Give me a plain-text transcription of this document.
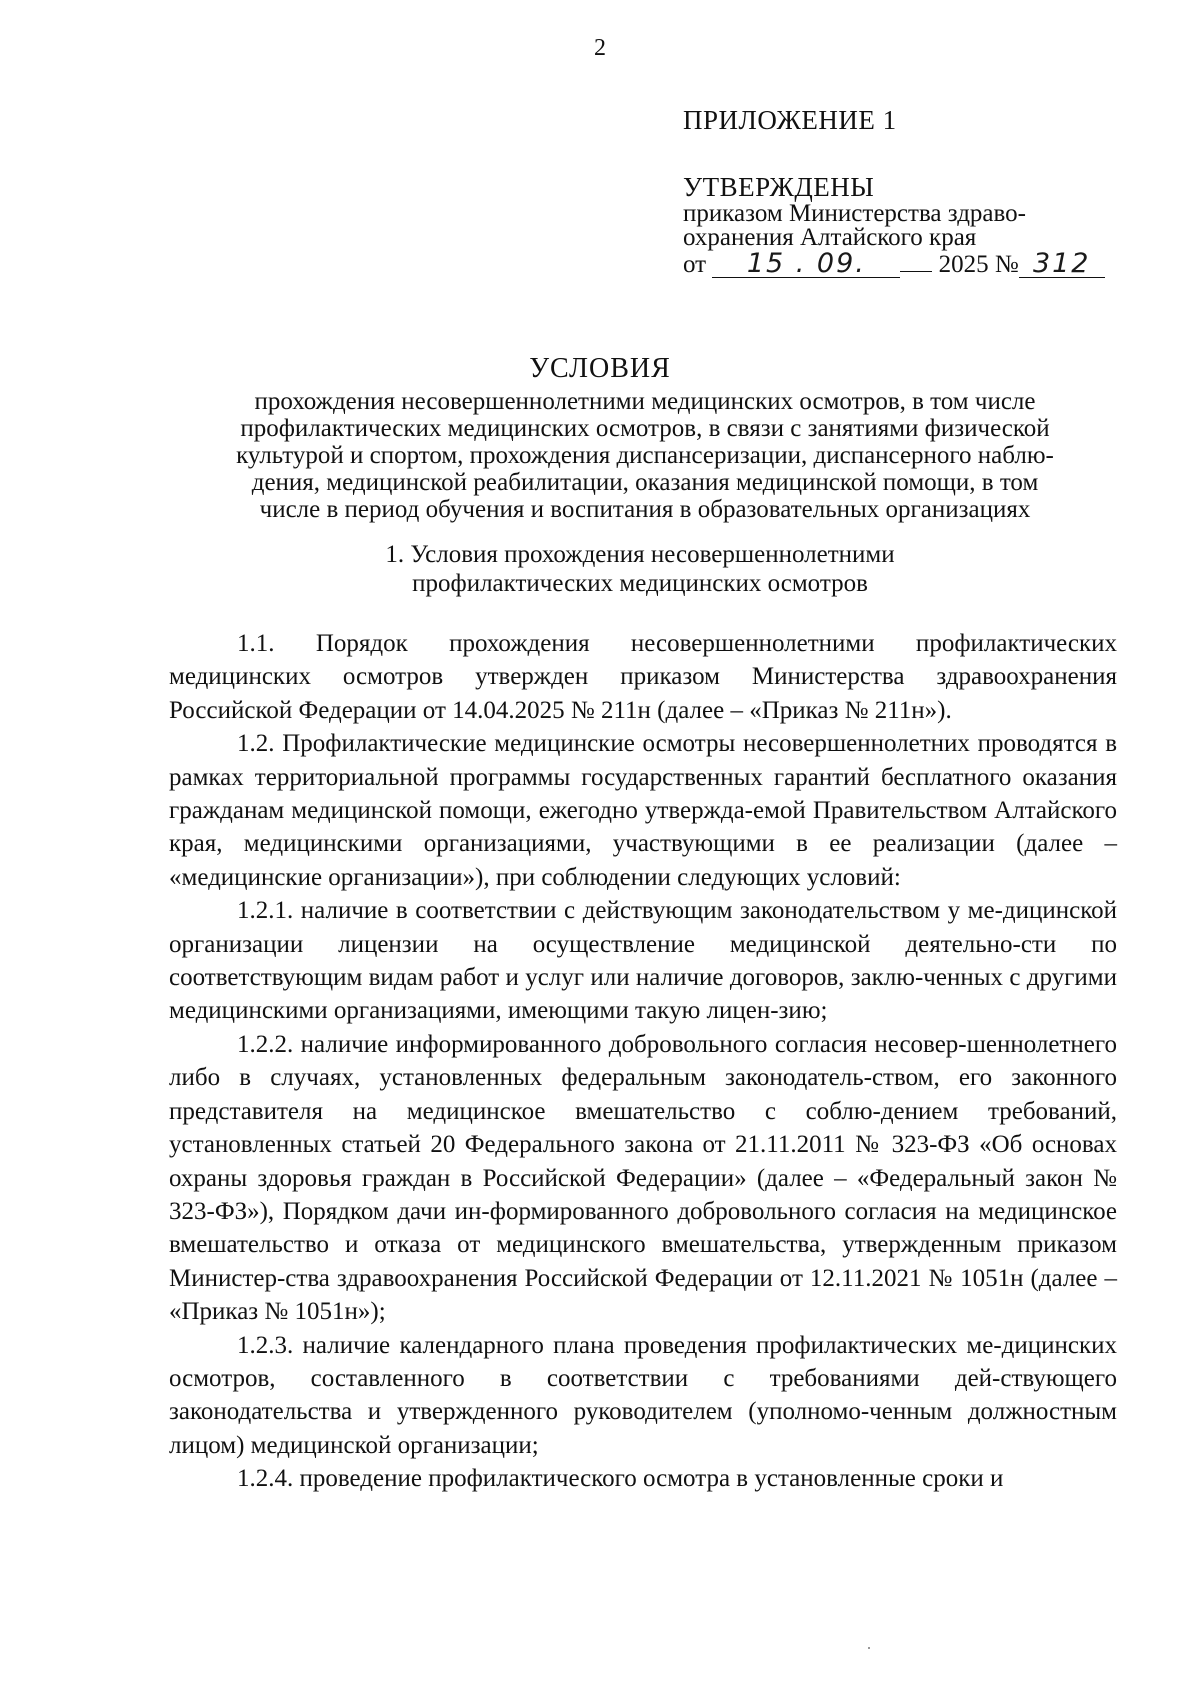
2
ПРИЛОЖЕНИЕ 1
УТВЕРЖДЕНЫ
приказом Министерства здраво-
охранения Алтайского края
от 15 . 09.	2025 № 312
УСЛОВИЯ
прохождения несовершеннолетними медицинских осмотров, в том числе
профилактических медицинских осмотров, в связи с занятиями физической
культурой и спортом, прохождения диспансеризации, диспансерного наблю-
дения, медицинской реабилитации, оказания медицинской помощи, в том
числе в период обучения и воспитания в образовательных организациях
1. Условия прохождения несовершеннолетними
профилактических медицинских осмотров

1.1. Порядок прохождения несовершеннолетними профилактических медицинских осмотров утвержден приказом Министерства здравоохранения Российской Федерации от 14.04.2025 № 211н (далее – «Приказ № 211н»).

1.2. Профилактические медицинские осмотры несовершеннолетних проводятся в рамках территориальной программы государственных гарантий бесплатного оказания гражданам медицинской помощи, ежегодно утвержда-емой Правительством Алтайского края, медицинскими организациями, участвующими в ее реализации (далее – «медицинские организации»), при соблюдении следующих условий:

1.2.1. наличие в соответствии с действующим законодательством у ме-дицинской организации лицензии на осуществление медицинской деятельно-сти по соответствующим видам работ и услуг или наличие договоров, заклю-ченных с другими медицинскими организациями, имеющими такую лицен-зию;

1.2.2. наличие информированного добровольного согласия несовер-шеннолетнего либо в случаях, установленных федеральным законодатель-ством, его законного представителя на медицинское вмешательство с соблю-дением требований, установленных статьей 20 Федерального закона от 21.11.2011 № 323-ФЗ «Об основах охраны здоровья граждан в Российской Федерации» (далее – «Федеральный закон № 323-ФЗ»), Порядком дачи ин-формированного добровольного согласия на медицинское вмешательство и отказа от медицинского вмешательства, утвержденным приказом Министер-ства здравоохранения Российской Федерации от 12.11.2021 № 1051н (далее – «Приказ № 1051н»);

1.2.3. наличие календарного плана проведения профилактических ме-дицинских осмотров, составленного в соответствии с требованиями дей-ствующего законодательства и утвержденного руководителем (уполномо-ченным должностным лицом) медицинской организации;

1.2.4. проведение профилактического осмотра в установленные сроки и
